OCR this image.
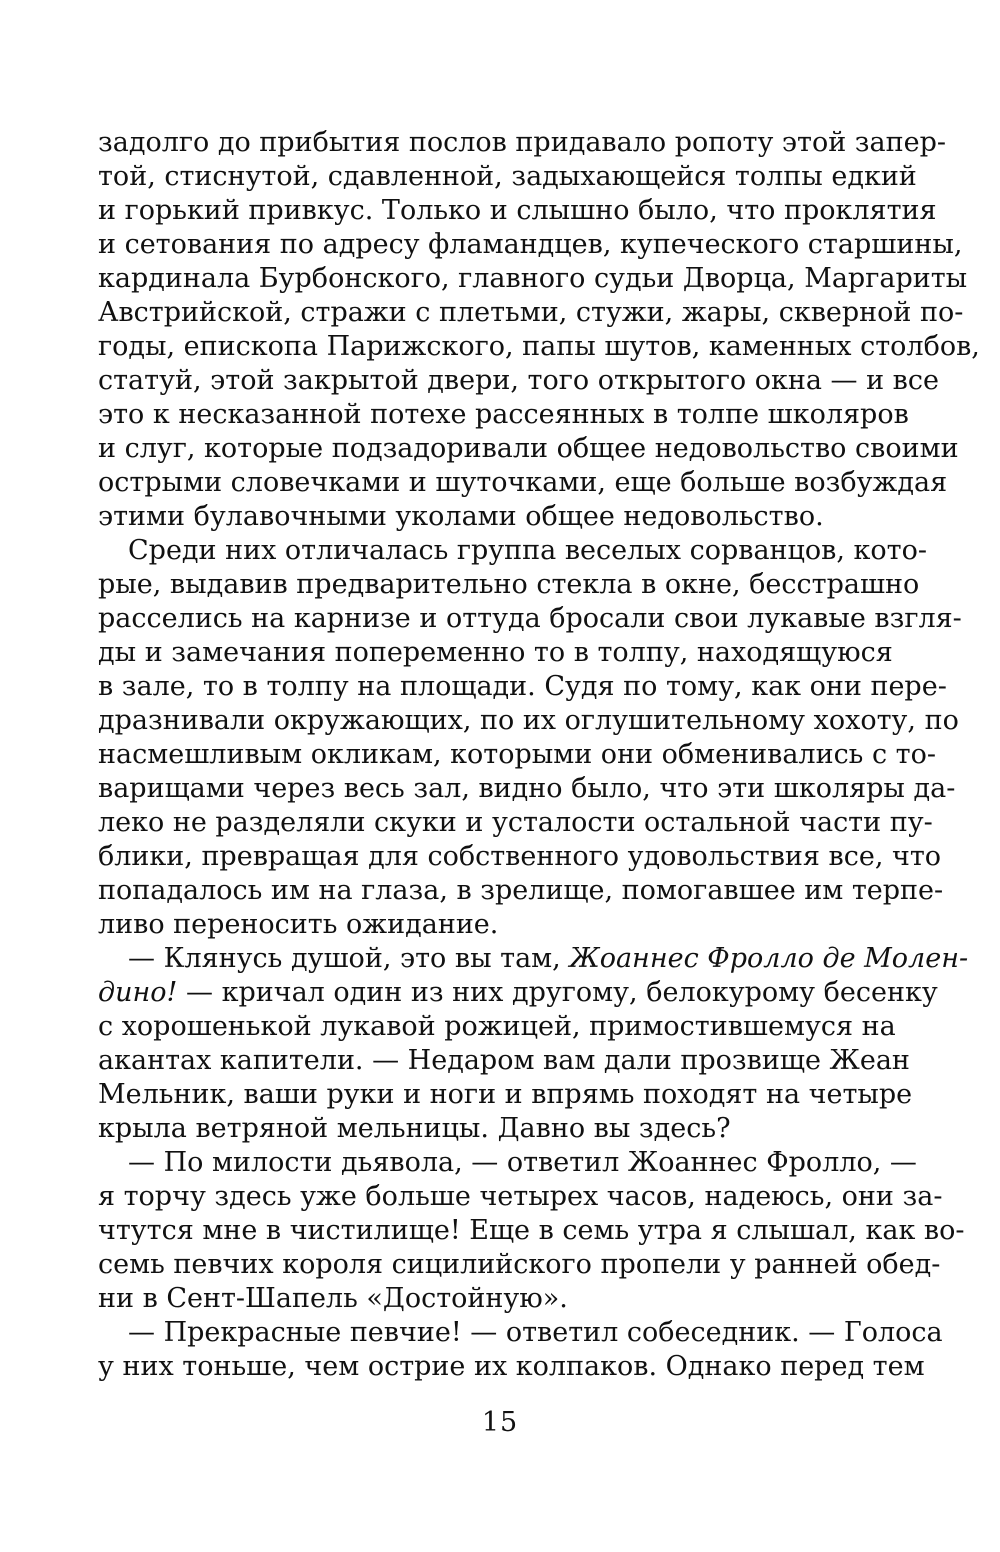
задолго до прибытия послов придавало ропоту этой запер-
той, стиснутой, сдавленной, задыхающейся толпы едкий
и горький привкус. Только и слышно было, что проклятия
и сетования по адресу фламандцев, купеческого старшины,
кардинала Бурбонского, главного судьи Дворца, Маргариты
Австрийской, стражи с плетьми, стужи, жары, скверной по-
годы, епископа Парижского, папы шутов, каменных столбов,
статуй, этой закрытой двери, того открытого окна — и все
это к несказанной потехе рассеянных в толпе школяров
и слуг, которые подзадоривали общее недовольство своими
острыми словечками и шуточками, еще больше возбуждая
этими булавочными уколами общее недовольство.
Среди них отличалась группа веселых сорванцов, кото-
рые, выдавив предварительно стекла в окне, бесстрашно
расселись на карнизе и оттуда бросали свои лукавые взгля-
ды и замечания попеременно то в толпу, находящуюся
в зале, то в толпу на площади. Судя по тому, как они пере-
дразнивали окружающих, по их оглушительному хохоту, по
насмешливым окликам, которыми они обменивались с то-
варищами через весь зал, видно было, что эти школяры да-
леко не разделяли скуки и усталости остальной части пу-
блики, превращая для собственного удовольствия все, что
попадалось им на глаза, в зрелище, помогавшее им терпе-
ливо переносить ожидание.
— Клянусь душой, это вы там, Жоаннес Фролло де Молен-
дино! — кричал один из них другому, белокурому бесенку
с хорошенькой лукавой рожицей, примостившемуся на
акантах капители. — Недаром вам дали прозвище Жеан
Мельник, ваши руки и ноги и впрямь походят на четыре
крыла ветряной мельницы. Давно вы здесь?
— По милости дьявола, — ответил Жоаннес Фролло, —
я торчу здесь уже больше четырех часов, надеюсь, они за-
чтутся мне в чистилище! Еще в семь утра я слышал, как во-
семь певчих короля сицилийского пропели у ранней обед-
ни в Сент-Шапель «Достойную».
— Прекрасные певчие! — ответил собеседник. — Голоса
у них тоньше, чем острие их колпаков. Однако перед тем
15
